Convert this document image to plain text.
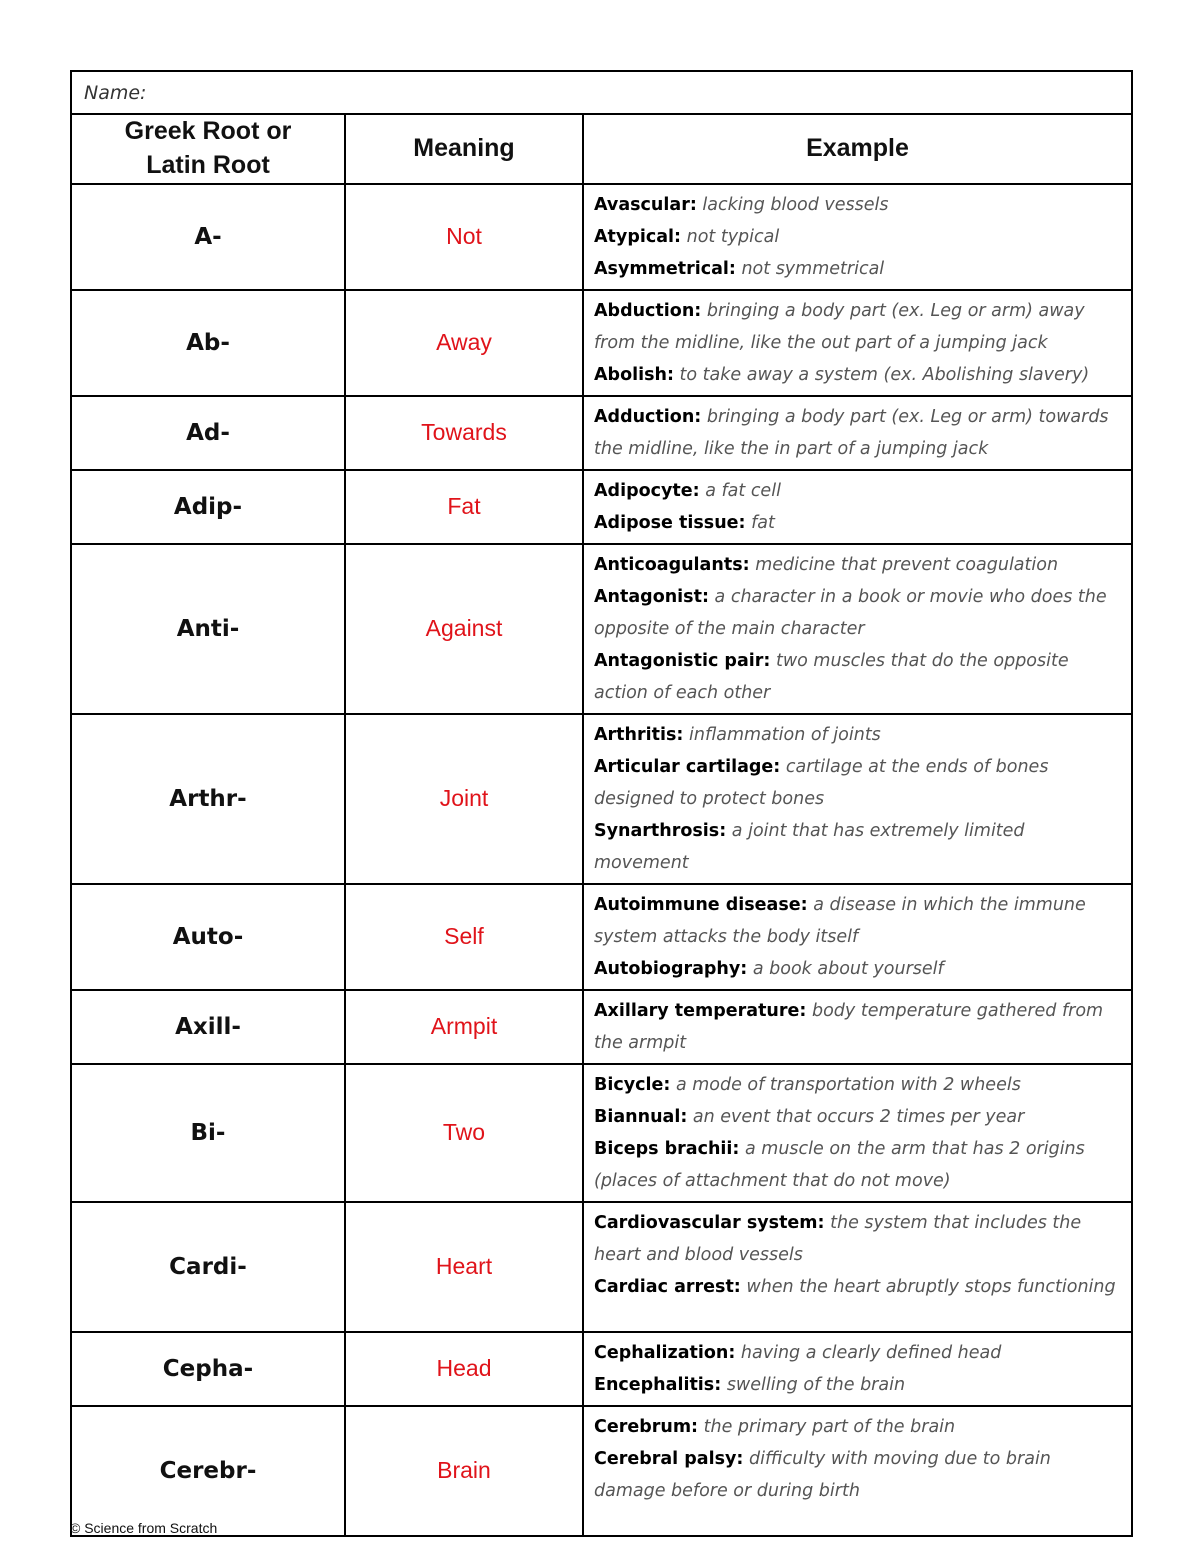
Name:		
Greek Root or
Latin Root	Meaning	Example
A-	Not	Avascular: lacking blood vessels
Atypical: not typical
Asymmetrical: not symmetrical

Ab-	Away	Abduction: bringing a body part (ex. Leg or arm) away from the midline, like the out part of a jumping jack
Abolish: to take away a system (ex. Abolishing slavery)

Ad-	Towards	Adduction: bringing a body part (ex. Leg or arm) towards the midline, like the in part of a jumping jack

Adip-	Fat	Adipocyte: a fat cell
Adipose tissue: fat

Anti-	Against	Anticoagulants: medicine that prevent coagulation
Antagonist: a character in a book or movie who does the opposite of the main character
Antagonistic pair: two muscles that do the opposite action of each other

Arthr-	Joint	Arthritis: inflammation of joints
Articular cartilage: cartilage at the ends of bones designed to protect bones
Synarthrosis: a joint that has extremely limited movement

Auto-	Self	Autoimmune disease: a disease in which the immune system attacks the body itself
Autobiography: a book about yourself

Axill-	Armpit	Axillary temperature: body temperature gathered from the armpit

Bi-	Two	Bicycle: a mode of transportation with 2 wheels
Biannual: an event that occurs 2 times per year
Biceps brachii: a muscle on the arm that has 2 origins (places of attachment that do not move)

Cardi-	Heart	Cardiovascular system: the system that includes the heart and blood vessels
Cardiac arrest: when the heart abruptly stops functioning

Cepha-	Head	Cephalization: having a clearly defined head
Encephalitis: swelling of the brain

Cerebr-	Brain	Cerebrum: the primary part of the brain
Cerebral palsy: difficulty with moving due to brain damage before or during birth
© Science from Scratch
